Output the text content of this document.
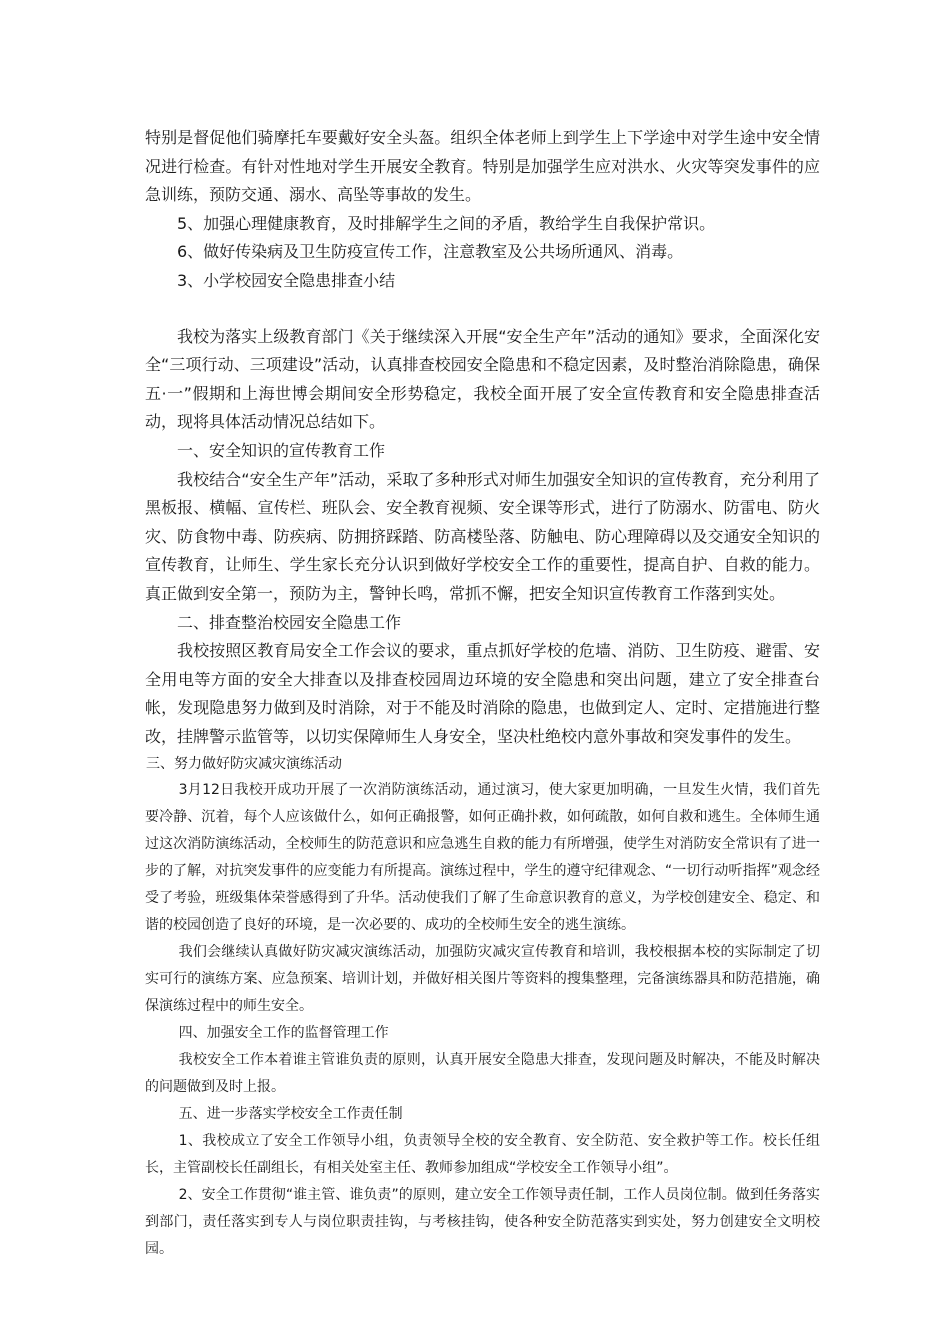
特别是督促他们骑摩托车要戴好安全头盔。组织全体老师上到学生上下学途中对学生途中安全情况进行检查。有针对性地对学生开展安全教育。特别是加强学生应对洪水、火灾等突发事件的应急训练，预防交通、溺水、高坠等事故的发生。

5、加强心理健康教育，及时排解学生之间的矛盾，教给学生自我保护常识。

6、做好传染病及卫生防疫宣传工作，注意教室及公共场所通风、消毒。

3、小学校园安全隐患排查小结

我校为落实上级教育部门《关于继续深入开展“安全生产年”活动的通知》要求，全面深化安全“三项行动、三项建设”活动，认真排查校园安全隐患和不稳定因素，及时整治消除隐患，确保五·一”假期和上海世博会期间安全形势稳定，我校全面开展了安全宣传教育和安全隐患排查活动，现将具体活动情况总结如下。

一、安全知识的宣传教育工作

我校结合“安全生产年”活动，采取了多种形式对师生加强安全知识的宣传教育，充分利用了黑板报、横幅、宣传栏、班队会、安全教育视频、安全课等形式，进行了防溺水、防雷电、防火灾、防食物中毒、防疾病、防拥挤踩踏、防高楼坠落、防触电、防心理障碍以及交通安全知识的宣传教育，让师生、学生家长充分认识到做好学校安全工作的重要性，提高自护、自救的能力。真正做到安全第一，预防为主，警钟长鸣，常抓不懈，把安全知识宣传教育工作落到实处。

二、排查整治校园安全隐患工作

我校按照区教育局安全工作会议的要求，重点抓好学校的危墙、消防、卫生防疫、避雷、安全用电等方面的安全大排查以及排查校园周边环境的安全隐患和突出问题，建立了安全排查台帐，发现隐患努力做到及时消除，对于不能及时消除的隐患，也做到定人、定时、定措施进行整改，挂牌警示监管等，以切实保障师生人身安全，坚决杜绝校内意外事故和突发事件的发生。

三、努力做好防灾减灾演练活动

3月12日我校开成功开展了一次消防演练活动，通过演习，使大家更加明确，一旦发生火情，我们首先要冷静、沉着，每个人应该做什么，如何正确报警，如何正确扑救，如何疏散，如何自救和逃生。全体师生通过这次消防演练活动，全校师生的防范意识和应急逃生自救的能力有所增强，使学生对消防安全常识有了进一步的了解，对抗突发事件的应变能力有所提高。演练过程中，学生的遵守纪律观念、“一切行动听指挥”观念经受了考验，班级集体荣誉感得到了升华。活动使我们了解了生命意识教育的意义，为学校创建安全、稳定、和谐的校园创造了良好的环境，是一次必要的、成功的全校师生安全的逃生演练。

我们会继续认真做好防灾减灾演练活动，加强防灾减灾宣传教育和培训，我校根据本校的实际制定了切实可行的演练方案、应急预案、培训计划，并做好相关图片等资料的搜集整理，完备演练器具和防范措施，确保演练过程中的师生安全。

四、加强安全工作的监督管理工作

我校安全工作本着谁主管谁负责的原则，认真开展安全隐患大排查，发现问题及时解决，不能及时解决的问题做到及时上报。

五、进一步落实学校安全工作责任制

1、我校成立了安全工作领导小组，负责领导全校的安全教育、安全防范、安全救护等工作。校长任组长，主管副校长任副组长，有相关处室主任、教师参加组成“学校安全工作领导小组”。

2、安全工作贯彻“谁主管、谁负责”的原则，建立安全工作领导责任制，工作人员岗位制。做到任务落实到部门，责任落实到专人与岗位职责挂钩，与考核挂钩，使各种安全防范落实到实处，努力创建安全文明校园。
